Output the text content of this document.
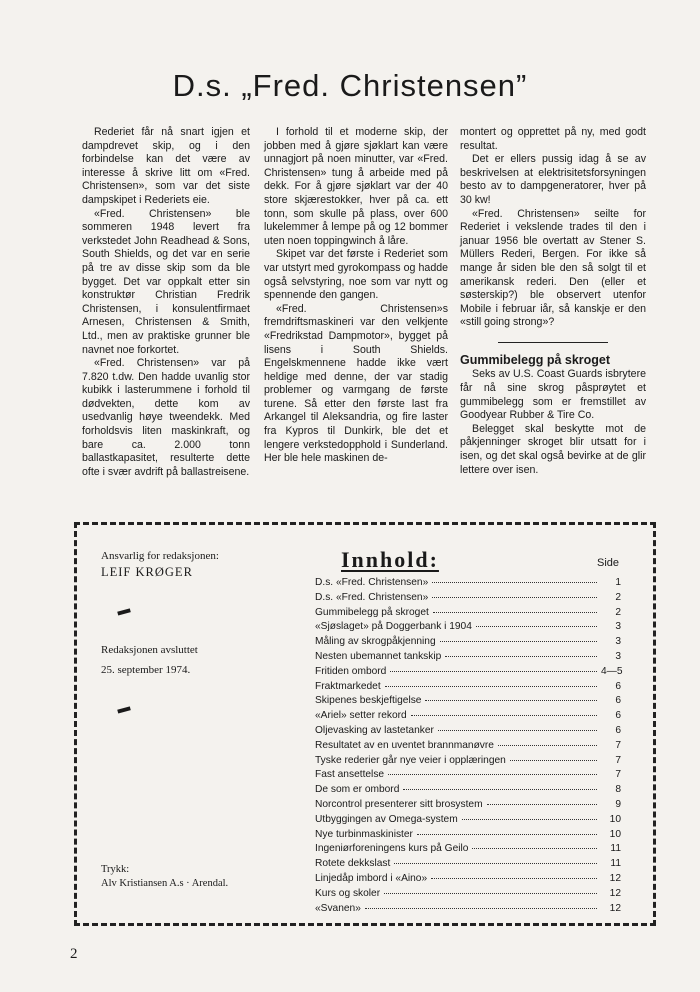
D.s. „Fred. Christensen”

Rederiet får nå snart igjen et dampdrevet skip, og i den forbindelse kan det være av interesse å skrive litt om «Fred. Christensen», som var det siste dampskipet i Rederiets eie.

«Fred. Christensen» ble sommeren 1948 levert fra verkstedet John Readhead & Sons, South Shields, og det var en serie på tre av disse skip som da ble bygget. Det var oppkalt etter sin konstruktør Christian Fredrik Christensen, i konsulentfirmaet Arnesen, Christensen & Smith, Ltd., men av praktiske grunner ble navnet noe forkortet.

«Fred. Christensen» var på 7.820 t.dw. Den hadde uvanlig stor kubikk i lasterummene i forhold til dødvekten, dette kom av usedvanlig høye tweendekk. Med forholdsvis liten maskinkraft, og bare ca. 2.000 tonn ballastkapasitet, resulterte dette ofte i svær avdrift på ballastreisene.

I forhold til et moderne skip, der jobben med å gjøre sjøklart kan være unnagjort på noen minutter, var «Fred. Christensen» tung å arbeide med på dekk. For å gjøre sjøklart var der 40 store skjærestokker, hver på ca. ett tonn, som skulle på plass, over 600 lukelemmer å lempe på og 12 bommer uten noen toppingwinch å låre.

Skipet var det første i Rederiet som var utstyrt med gyrokompass og hadde også selvstyring, noe som var nytt og spennende den gangen.

«Fred. Christensen»s fremdriftsmaskineri var den velkjente «Fredrikstad Dampmotor», bygget på lisens i South Shields. Engelskmennene hadde ikke vært heldige med denne, der var stadig problemer og varmgang de første turene. Så etter den første last fra Arkangel til Aleksandria, og fire laster fra Kypros til Dunkirk, ble det et lengere verkstedopphold i Sunderland. Her ble hele maskinen de-

montert og opprettet på ny, med godt resultat.

Det er ellers pussig idag å se av beskrivelsen at elektrisitetsforsyningen besto av to dampgeneratorer, hver på 30 kw!

«Fred. Christensen» seilte for Rederiet i vekslende trades til den i januar 1956 ble overtatt av Stener S. Müllers Rederi, Bergen. For ikke så mange år siden ble den så solgt til et amerikansk rederi. Den (eller et søsterskip?) ble observert utenfor Mobile i februar iår, så kanskje er den «still going strong»?

Gummibelegg på skroget

Seks av U.S. Coast Guards isbrytere får nå sine skrog påsprøytet et gummibelegg som er fremstillet av Goodyear Rubber & Tire Co.

Belegget skal beskytte mot de påkjenninger skroget blir utsatt for i isen, og det skal også bevirke at de glir lettere over isen.

Ansvarlig for redaksjonen:

LEIF KRØGER

▬

Redaksjonen avsluttet

25. september 1974.

▬
Trykk:
Alv Kristiansen A.s · Arendal.
Innhold:	Side
D.s. «Fred. Christensen»	1
D.s. «Fred. Christensen»	2
Gummibelegg på skroget	2
«Sjøslaget» på Doggerbank i 1904	3
Måling av skrogpåkjenning	3
Nesten ubemannet tankskip	3
Fritiden ombord	4—5
Fraktmarkedet	6
Skipenes beskjeftigelse	6
«Ariel» setter rekord	6
Oljevasking av lastetanker	6
Resultatet av en uventet brannmanøvre	7
Tyske rederier går nye veier i opplæringen	7
Fast ansettelse	7
De som er ombord	8
Norcontrol presenterer sitt brosystem	9
Utbyggingen av Omega-system	10
Nye turbinmaskinister	10
Ingeniørforeningens kurs på Geilo	11
Rotete dekkslast	11
Linjedåp imbord i «Aino»	12
Kurs og skoler	12
«Svanen»	12
2
